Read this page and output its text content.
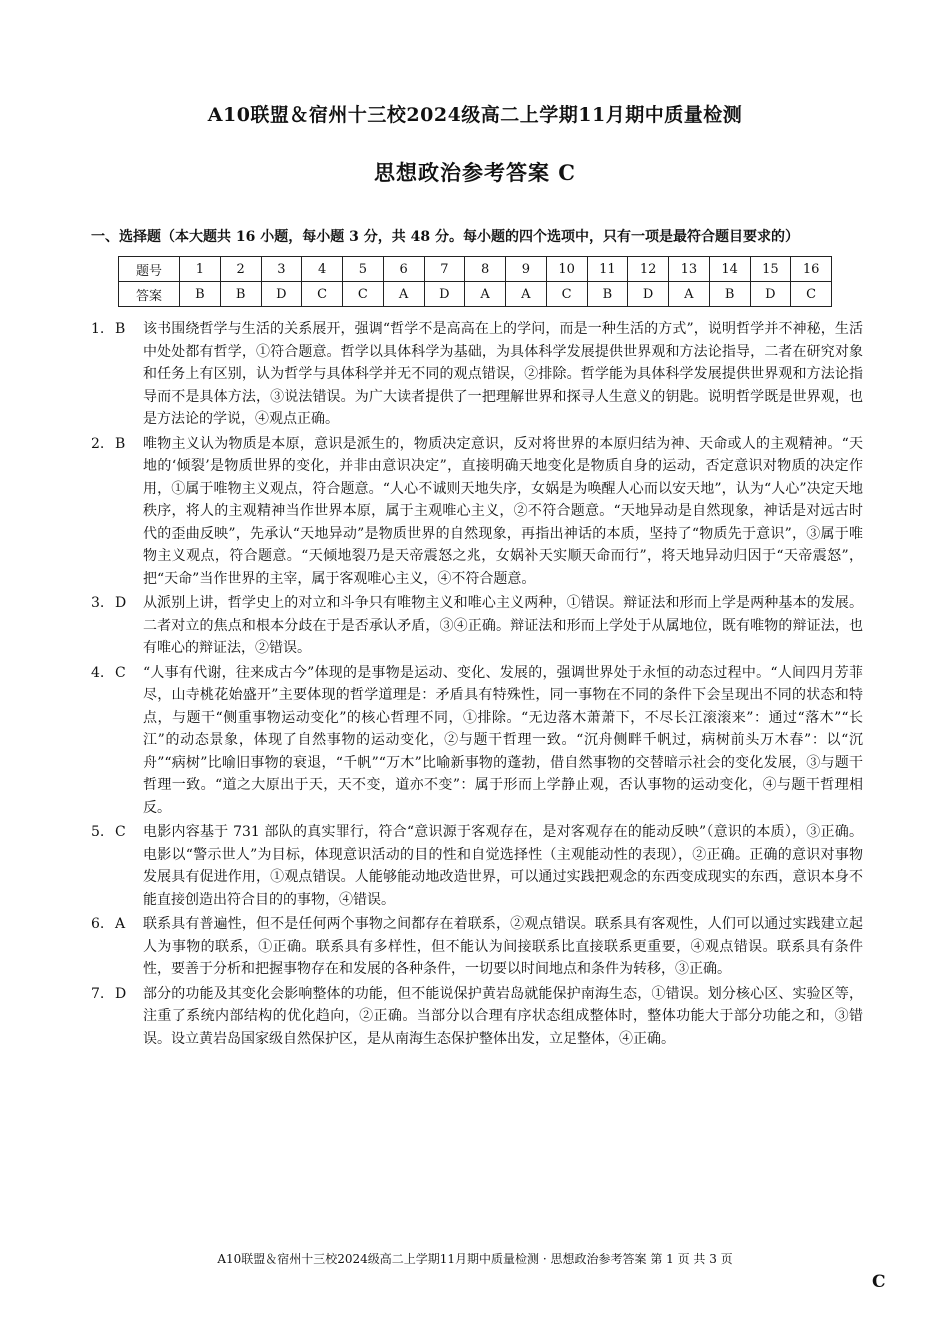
A10联盟＆宿州十三校2024级高二上学期11月期中质量检测
思想政治参考答案 C
一、选择题（本大题共 16 小题，每小题 3 分，共 48 分。每小题的四个选项中，只有一项是最符合题目要求的）
题号	1	2	3	4	5	6	7	8	9	10	11	12	13	14	15	16
答案	B	B	D	C	C	A	D	A	A	C	B	D	A	B	D	C
1. B	该书围绕哲学与生活的关系展开，强调“哲学不是高高在上的学问，而是一种生活的方式”，说明哲学并不神秘，生活中处处都有哲学，①符合题意。哲学以具体科学为基础，为具体科学发展提供世界观和方法论指导，二者在研究对象和任务上有区别，认为哲学与具体科学并无不同的观点错误，②排除。哲学能为具体科学发展提供世界观和方法论指导而不是具体方法，③说法错误。为广大读者提供了一把理解世界和探寻人生意义的钥匙。说明哲学既是世界观，也是方法论的学说，④观点正确。
2. B	唯物主义认为物质是本原，意识是派生的，物质决定意识，反对将世界的本原归结为神、天命或人的主观精神。“天地的‘倾裂’是物质世界的变化，并非由意识决定”，直接明确天地变化是物质自身的运动，否定意识对物质的决定作用，①属于唯物主义观点，符合题意。“人心不诚则天地失序，女娲是为唤醒人心而以安天地”，认为“人心”决定天地秩序，将人的主观精神当作世界本原，属于主观唯心主义，②不符合题意。“天地异动是自然现象，神话是对远古时代的歪曲反映”，先承认“天地异动”是物质世界的自然现象，再指出神话的本质，坚持了“物质先于意识”，③属于唯物主义观点，符合题意。“天倾地裂乃是天帝震怒之兆，女娲补天实顺天命而行”，将天地异动归因于“天帝震怒”，把“天命”当作世界的主宰，属于客观唯心主义，④不符合题意。
3. D	从派别上讲，哲学史上的对立和斗争只有唯物主义和唯心主义两种，①错误。辩证法和形而上学是两种基本的发展。二者对立的焦点和根本分歧在于是否承认矛盾，③④正确。辩证法和形而上学处于从属地位，既有唯物的辩证法，也有唯心的辩证法，②错误。
4. C	“人事有代谢，往来成古今”体现的是事物是运动、变化、发展的，强调世界处于永恒的动态过程中。“人间四月芳菲尽，山寺桃花始盛开”主要体现的哲学道理是：矛盾具有特殊性，同一事物在不同的条件下会呈现出不同的状态和特点，与题干“侧重事物运动变化”的核心哲理不同，①排除。“无边落木萧萧下，不尽长江滚滚来”：通过“落木”“长江”的动态景象，体现了自然事物的运动变化，②与题干哲理一致。“沉舟侧畔千帆过，病树前头万木春”：以“沉舟”“病树”比喻旧事物的衰退，“千帆”“万木”比喻新事物的蓬勃，借自然事物的交替暗示社会的变化发展，③与题干哲理一致。“道之大原出于天，天不变，道亦不变”：属于形而上学静止观，否认事物的运动变化，④与题干哲理相反。
5. C	电影内容基于 731 部队的真实罪行，符合“意识源于客观存在，是对客观存在的能动反映”（意识的本质），③正确。电影以“警示世人”为目标，体现意识活动的目的性和自觉选择性（主观能动性的表现），②正确。正确的意识对事物发展具有促进作用，①观点错误。人能够能动地改造世界，可以通过实践把观念的东西变成现实的东西，意识本身不能直接创造出符合目的的事物，④错误。
6. A	联系具有普遍性，但不是任何两个事物之间都存在着联系，②观点错误。联系具有客观性，人们可以通过实践建立起人为事物的联系，①正确。联系具有多样性，但不能认为间接联系比直接联系更重要，④观点错误。联系具有条件性，要善于分析和把握事物存在和发展的各种条件，一切要以时间地点和条件为转移，③正确。
7. D	部分的功能及其变化会影响整体的功能，但不能说保护黄岩岛就能保护南海生态，①错误。划分核心区、实验区等，注重了系统内部结构的优化趋向，②正确。当部分以合理有序状态组成整体时，整体功能大于部分功能之和，③错误。设立黄岩岛国家级自然保护区，是从南海生态保护整体出发，立足整体，④正确。
A10联盟＆宿州十三校2024级高二上学期11月期中质量检测 · 思想政治参考答案 第 1 页 共 3 页
C
